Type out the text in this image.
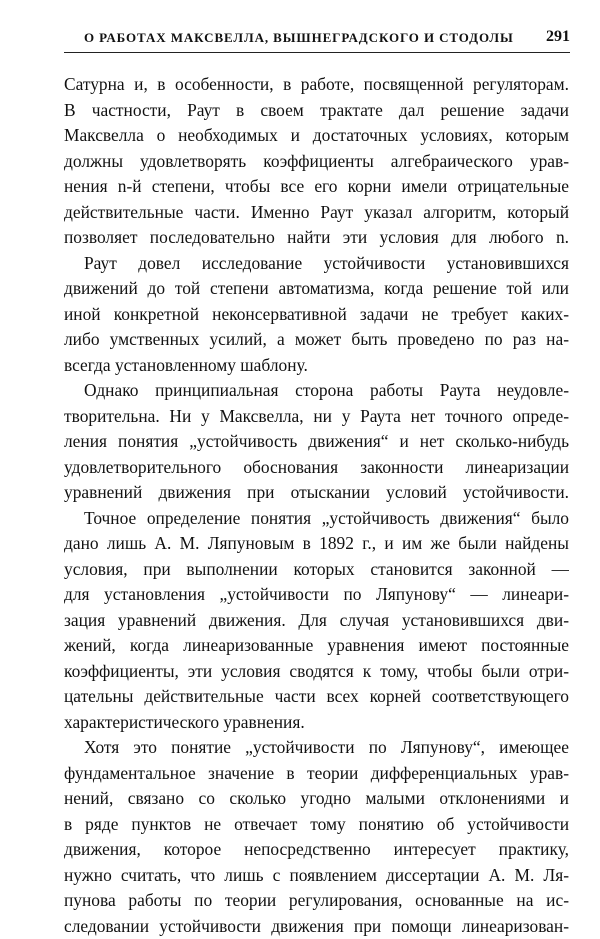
О РАБОТАХ МАКСВЕЛЛА, ВЫШНЕГРАДСКОГО И СТОДОЛЫ 291
Сатурна и, в особенности, в работе, посвященной регуляторам.
В частности, Раут в своем трактате дал решение задачи
Максвелла о необходимых и достаточных условиях, которым
должны удовлетворять коэффициенты алгебраического урав-
нения n-й степени, чтобы все его корни имели отрицательные
действительные части. Именно Раут указал алгоритм, который
позволяет последовательно найти эти условия для любого n.
Раут довел исследование устойчивости установившихся
движений до той степени автоматизма, когда решение той или
иной конкретной неконсервативной задачи не требует каких-
либо умственных усилий, а может быть проведено по раз на-
всегда установленному шаблону.
Однако принципиальная сторона работы Раута неудовле-
творительна. Ни у Максвелла, ни у Раута нет точного опреде-
ления понятия „устойчивость движения“ и нет сколько-нибудь
удовлетворительного обоснования законности линеаризации
уравнений движения при отыскании условий устойчивости.
Точное определение понятия „устойчивость движения“ было
дано лишь А. М. Ляпуновым в 1892 г., и им же были найдены
условия, при выполнении которых становится законной —
для установления „устойчивости по Ляпунову“ — линеари-
зация уравнений движения. Для случая установившихся дви-
жений, когда линеаризованные уравнения имеют постоянные
коэффициенты, эти условия сводятся к тому, чтобы были отри-
цательны действительные части всех корней соответствующего
характеристического уравнения.
Хотя это понятие „устойчивости по Ляпунову“, имеющее
фундаментальное значение в теории дифференциальных урав-
нений, связано со сколько угодно малыми отклонениями и
в ряде пунктов не отвечает тому понятию об устойчивости
движения, которое непосредственно интересует практику,
нужно считать, что лишь с появлением диссертации А. М. Ля-
пунова работы по теории регулирования, основанные на ис-
следовании устойчивости движения при помощи линеаризован-
